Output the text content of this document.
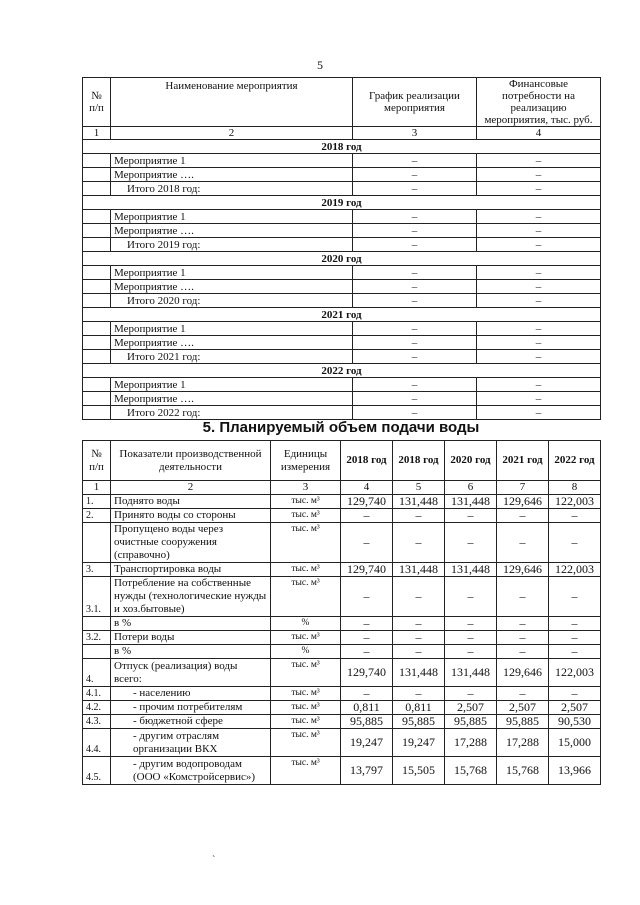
5
№ п/п	Наименование мероприятия	График реализации мероприятия	Финансовые потребности на реализацию мероприятия, тыс. руб.
1	2	3	4
2018 год			
	Мероприятие 1	–	–
	Мероприятие ….	–	–
	Итого 2018 год:	–	–
2019 год			
	Мероприятие 1	–	–
	Мероприятие ….	–	–
	Итого 2019 год:	–	–
2020 год			
	Мероприятие 1	–	–
	Мероприятие ….	–	–
	Итого 2020 год:	–	–
2021 год			
	Мероприятие 1	–	–
	Мероприятие ….	–	–
	Итого 2021 год:	–	–
2022 год			
	Мероприятие 1	–	–
	Мероприятие ….	–	–
	Итого 2022 год:	–	–
5. Планируемый объем подачи воды
№ п/п	Показатели производственной деятельности	Единицы измерения	2018 год	2018 год	2020 год	2021 год	2022 год
1	2	3	4	5	6	7	8
1.	Поднято воды	тыс. м³	129,740	131,448	131,448	129,646	122,003
2.	Принято воды со стороны	тыс. м³	–	–	–	–	–
	Пропущено воды через очистные сооружения (справочно)	тыс. м³	–	–	–	–	–
3.	Транспортировка воды	тыс. м³	129,740	131,448	131,448	129,646	122,003
3.1.	Потребление на собственные нужды (технологические нужды и хоз.бытовые)	тыс. м³	–	–	–	–	–
	в %	%	–	–	–	–	–
3.2.	Потери воды	тыс. м³	–	–	–	–	–
	в %	%	–	–	–	–	–
4.	Отпуск (реализация) воды всего:	тыс. м³	129,740	131,448	131,448	129,646	122,003
4.1.	- населению	тыс. м³	–	–	–	–	–
4.2.	- прочим потребителям	тыс. м³	0,811	0,811	2,507	2,507	2,507
4.3.	- бюджетной сфере	тыс. м³	95,885	95,885	95,885	95,885	90,530
4.4.	- другим отраслям организации ВКХ	тыс. м³	19,247	19,247	17,288	17,288	15,000
4.5.	- другим водопроводам (ООО «Комстройсервис»)	тыс. м³	13,797	15,505	15,768	15,768	13,966
`
